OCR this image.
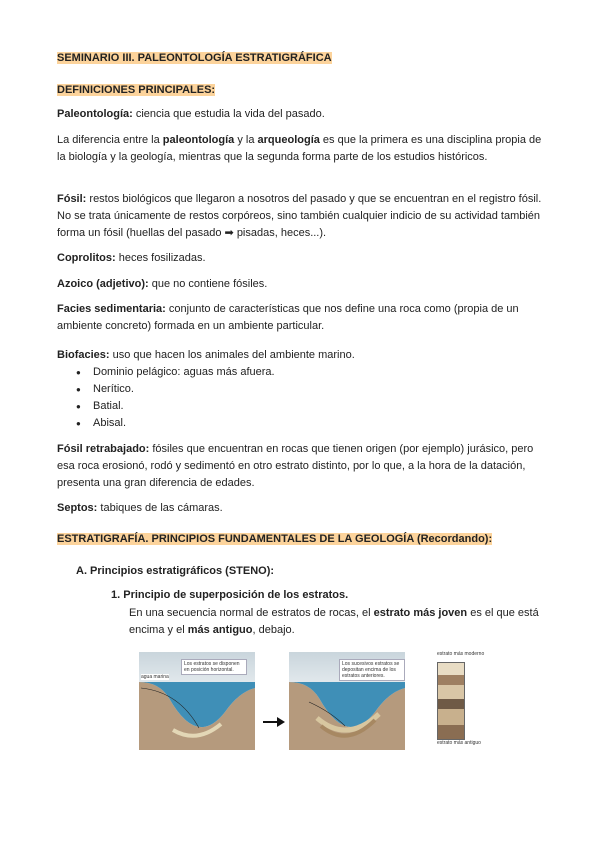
SEMINARIO III. PALEONTOLOGÍA ESTRATIGRÁFICA
DEFINICIONES PRINCIPALES:
Paleontología: ciencia que estudia la vida del pasado.
La diferencia entre la paleontología y la arqueología es que la primera es una disciplina propia de la biología y la geología, mientras que la segunda forma parte de los estudios históricos.
Fósil: restos biológicos que llegaron a nosotros del pasado y que se encuentran en el registro fósil. No se trata únicamente de restos corpóreos, sino también cualquier indicio de su actividad también forma un fósil (huellas del pasado ➡ pisadas, heces...).
Coprolitos: heces fosilizadas.
Azoico (adjetivo): que no contiene fósiles.
Facies sedimentaria: conjunto de características que nos define una roca como (propia de un ambiente concreto) formada en un ambiente particular.
Biofacies: uso que hacen los animales del ambiente marino.
● Dominio pelágico: aguas más afuera.
● Nerítico.
● Batial.
● Abisal.
Fósil retrabajado: fósiles que encuentran en rocas que tienen origen (por ejemplo) jurásico, pero esa roca erosionó, rodó y sedimentó en otro estrato distinto, por lo que, a la hora de la datación, presenta una gran diferencia de edades.
Septos: tabiques de las cámaras.
ESTRATIGRAFÍA. PRINCIPIOS FUNDAMENTALES DE LA GEOLOGÍA (Recordando):
A. Principios estratigráficos (STENO):
1. Principio de superposición de los estratos.
En una secuencia normal de estratos de rocas, el estrato más joven es el que está encima y el más antiguo, debajo.
Los estratos se disponen en posición horizontal.
agua marina
Los sucesivos estratos se depositan encima de los estratos anteriores.
estrato más moderno
estrato más antiguo
